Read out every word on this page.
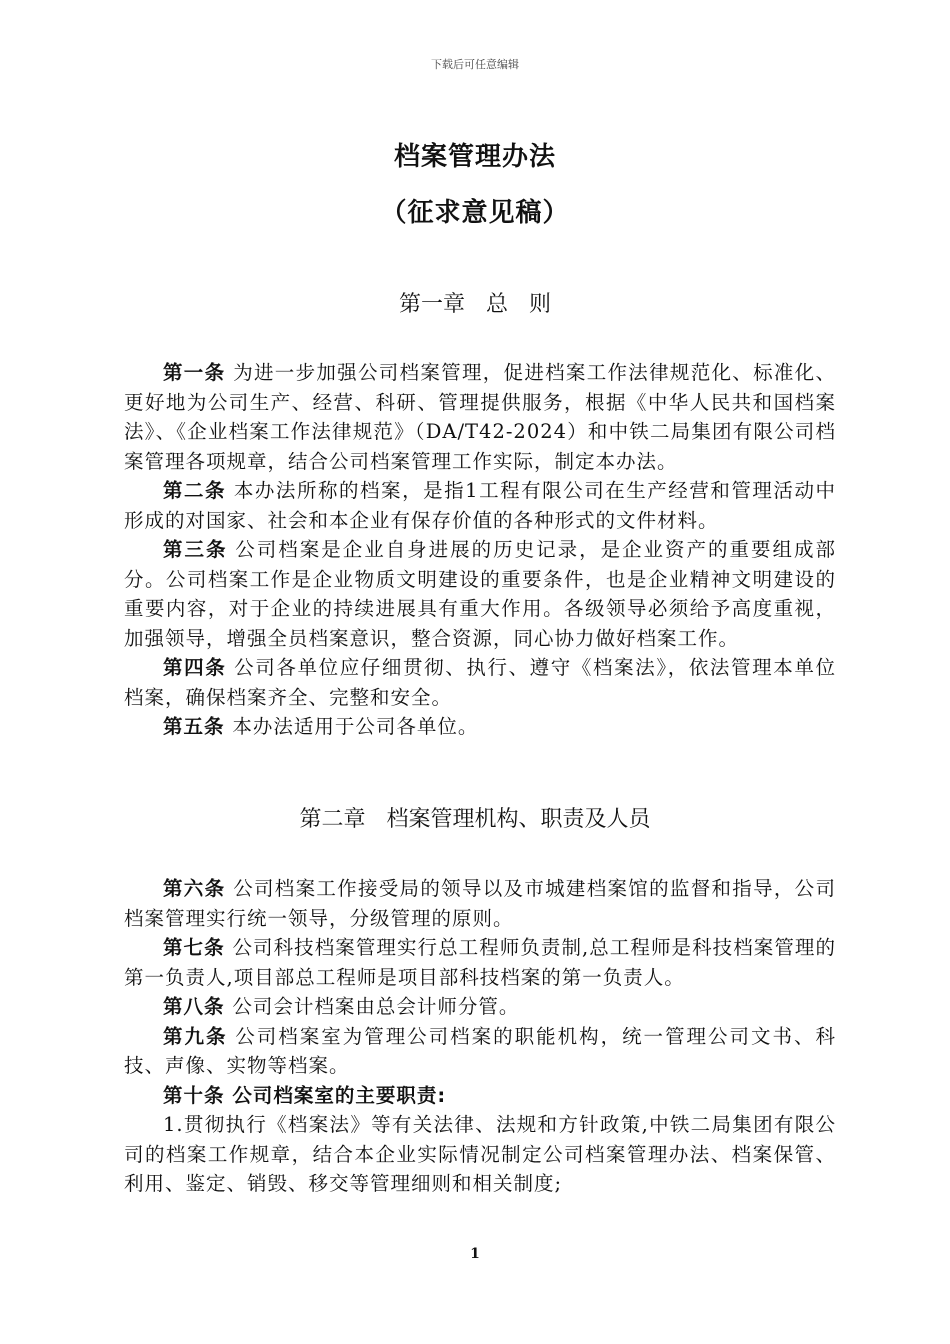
下载后可任意编辑
档案管理办法
（征求意见稿）
第一章   总   则

第一条 为进一步加强公司档案管理，促进档案工作法律规范化、标准化、更好地为公司生产、经营、科研、管理提供服务，根据《中华人民共和国档案法》、《企业档案工作法律规范》（DA/T42-2024）和中铁二局集团有限公司档案管理各项规章，结合公司档案管理工作实际，制定本办法。

第二条 本办法所称的档案，是指1工程有限公司在生产经营和管理活动中形成的对国家、社会和本企业有保存价值的各种形式的文件材料。

第三条 公司档案是企业自身进展的历史记录，是企业资产的重要组成部分。公司档案工作是企业物质文明建设的重要条件，也是企业精神文明建设的重要内容，对于企业的持续进展具有重大作用。各级领导必须给予高度重视，加强领导，增强全员档案意识，整合资源，同心协力做好档案工作。

第四条 公司各单位应仔细贯彻、执行、遵守《档案法》，依法管理本单位档案，确保档案齐全、完整和安全。

第五条 本办法适用于公司各单位。

第二章   档案管理机构、职责及人员

第六条 公司档案工作接受局的领导以及市城建档案馆的监督和指导，公司档案管理实行统一领导，分级管理的原则。

第七条 公司科技档案管理实行总工程师负责制,总工程师是科技档案管理的第一负责人,项目部总工程师是项目部科技档案的第一负责人。

第八条 公司会计档案由总会计师分管。

第九条 公司档案室为管理公司档案的职能机构，统一管理公司文书、科技、声像、实物等档案。

第十条 公司档案室的主要职责:

1.贯彻执行《档案法》等有关法律、法规和方针政策,中铁二局集团有限公司的档案工作规章，结合本企业实际情况制定公司档案管理办法、档案保管、利用、鉴定、销毁、移交等管理细则和相关制度;

1
